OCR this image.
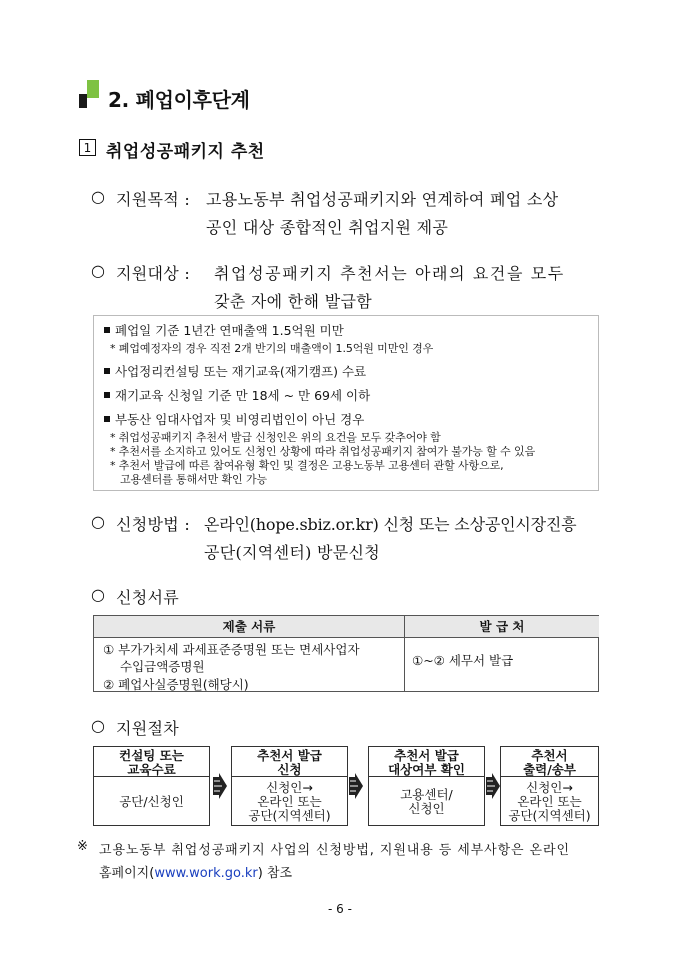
2. 폐업이후단계
1 취업성공패키지 추천
○ 지원목적 : 고용노동부 취업성공패키지와 연계하여 폐업 소상
공인 대상 종합적인 취업지원 제공
○ 지원대상 : 취업성공패키지 추천서는 아래의 요건을 모두
갖춘 자에 한해 발급함
폐업일 기준 1년간 연매출액 1.5억원 미만
* 폐업예정자의 경우 직전 2개 반기의 매출액이 1.5억원 미만인 경우
사업정리컨설팅 또는 재기교육(재기캠프) 수료
재기교육 신청일 기준 만 18세 ~ 만 69세 이하
부동산 임대사업자 및 비영리법인이 아닌 경우
* 취업성공패키지 추천서 발급 신청인은 위의 요건을 모두 갖추어야 함
* 추천서를 소지하고 있어도 신청인 상황에 따라 취업성공패키지 참여가 불가능 할 수 있음
* 추천서 발급에 따른 참여유형 확인 및 결정은 고용노동부 고용센터 관할 사항으로,
고용센터를 통해서만 확인 가능
○ 신청방법 : 온라인(hope.sbiz.or.kr) 신청 또는 소상공인시장진흥
공단(지역센터) 방문신청
○ 신청서류
제출 서류	발 급 처
① 부가가치세 과세표준증명원 또는 면세사업자
수입금액증명원
② 폐업사실증명원(해당시)
①~② 세무서 발급
○ 지원절차
컨설팅 또는
교육수료
공단/신청인
추천서 발급
신청
신청인→
온라인 또는
공단(지역센터)
추천서 발급
대상여부 확인
고용센터/
신청인
추천서
출력/송부
신청인→
온라인 또는
공단(지역센터)
※ 고용노동부 취업성공패키지 사업의 신청방법, 지원내용 등 세부사항은 온라인
홈페이지(www.work.go.kr) 참조
- 6 -
